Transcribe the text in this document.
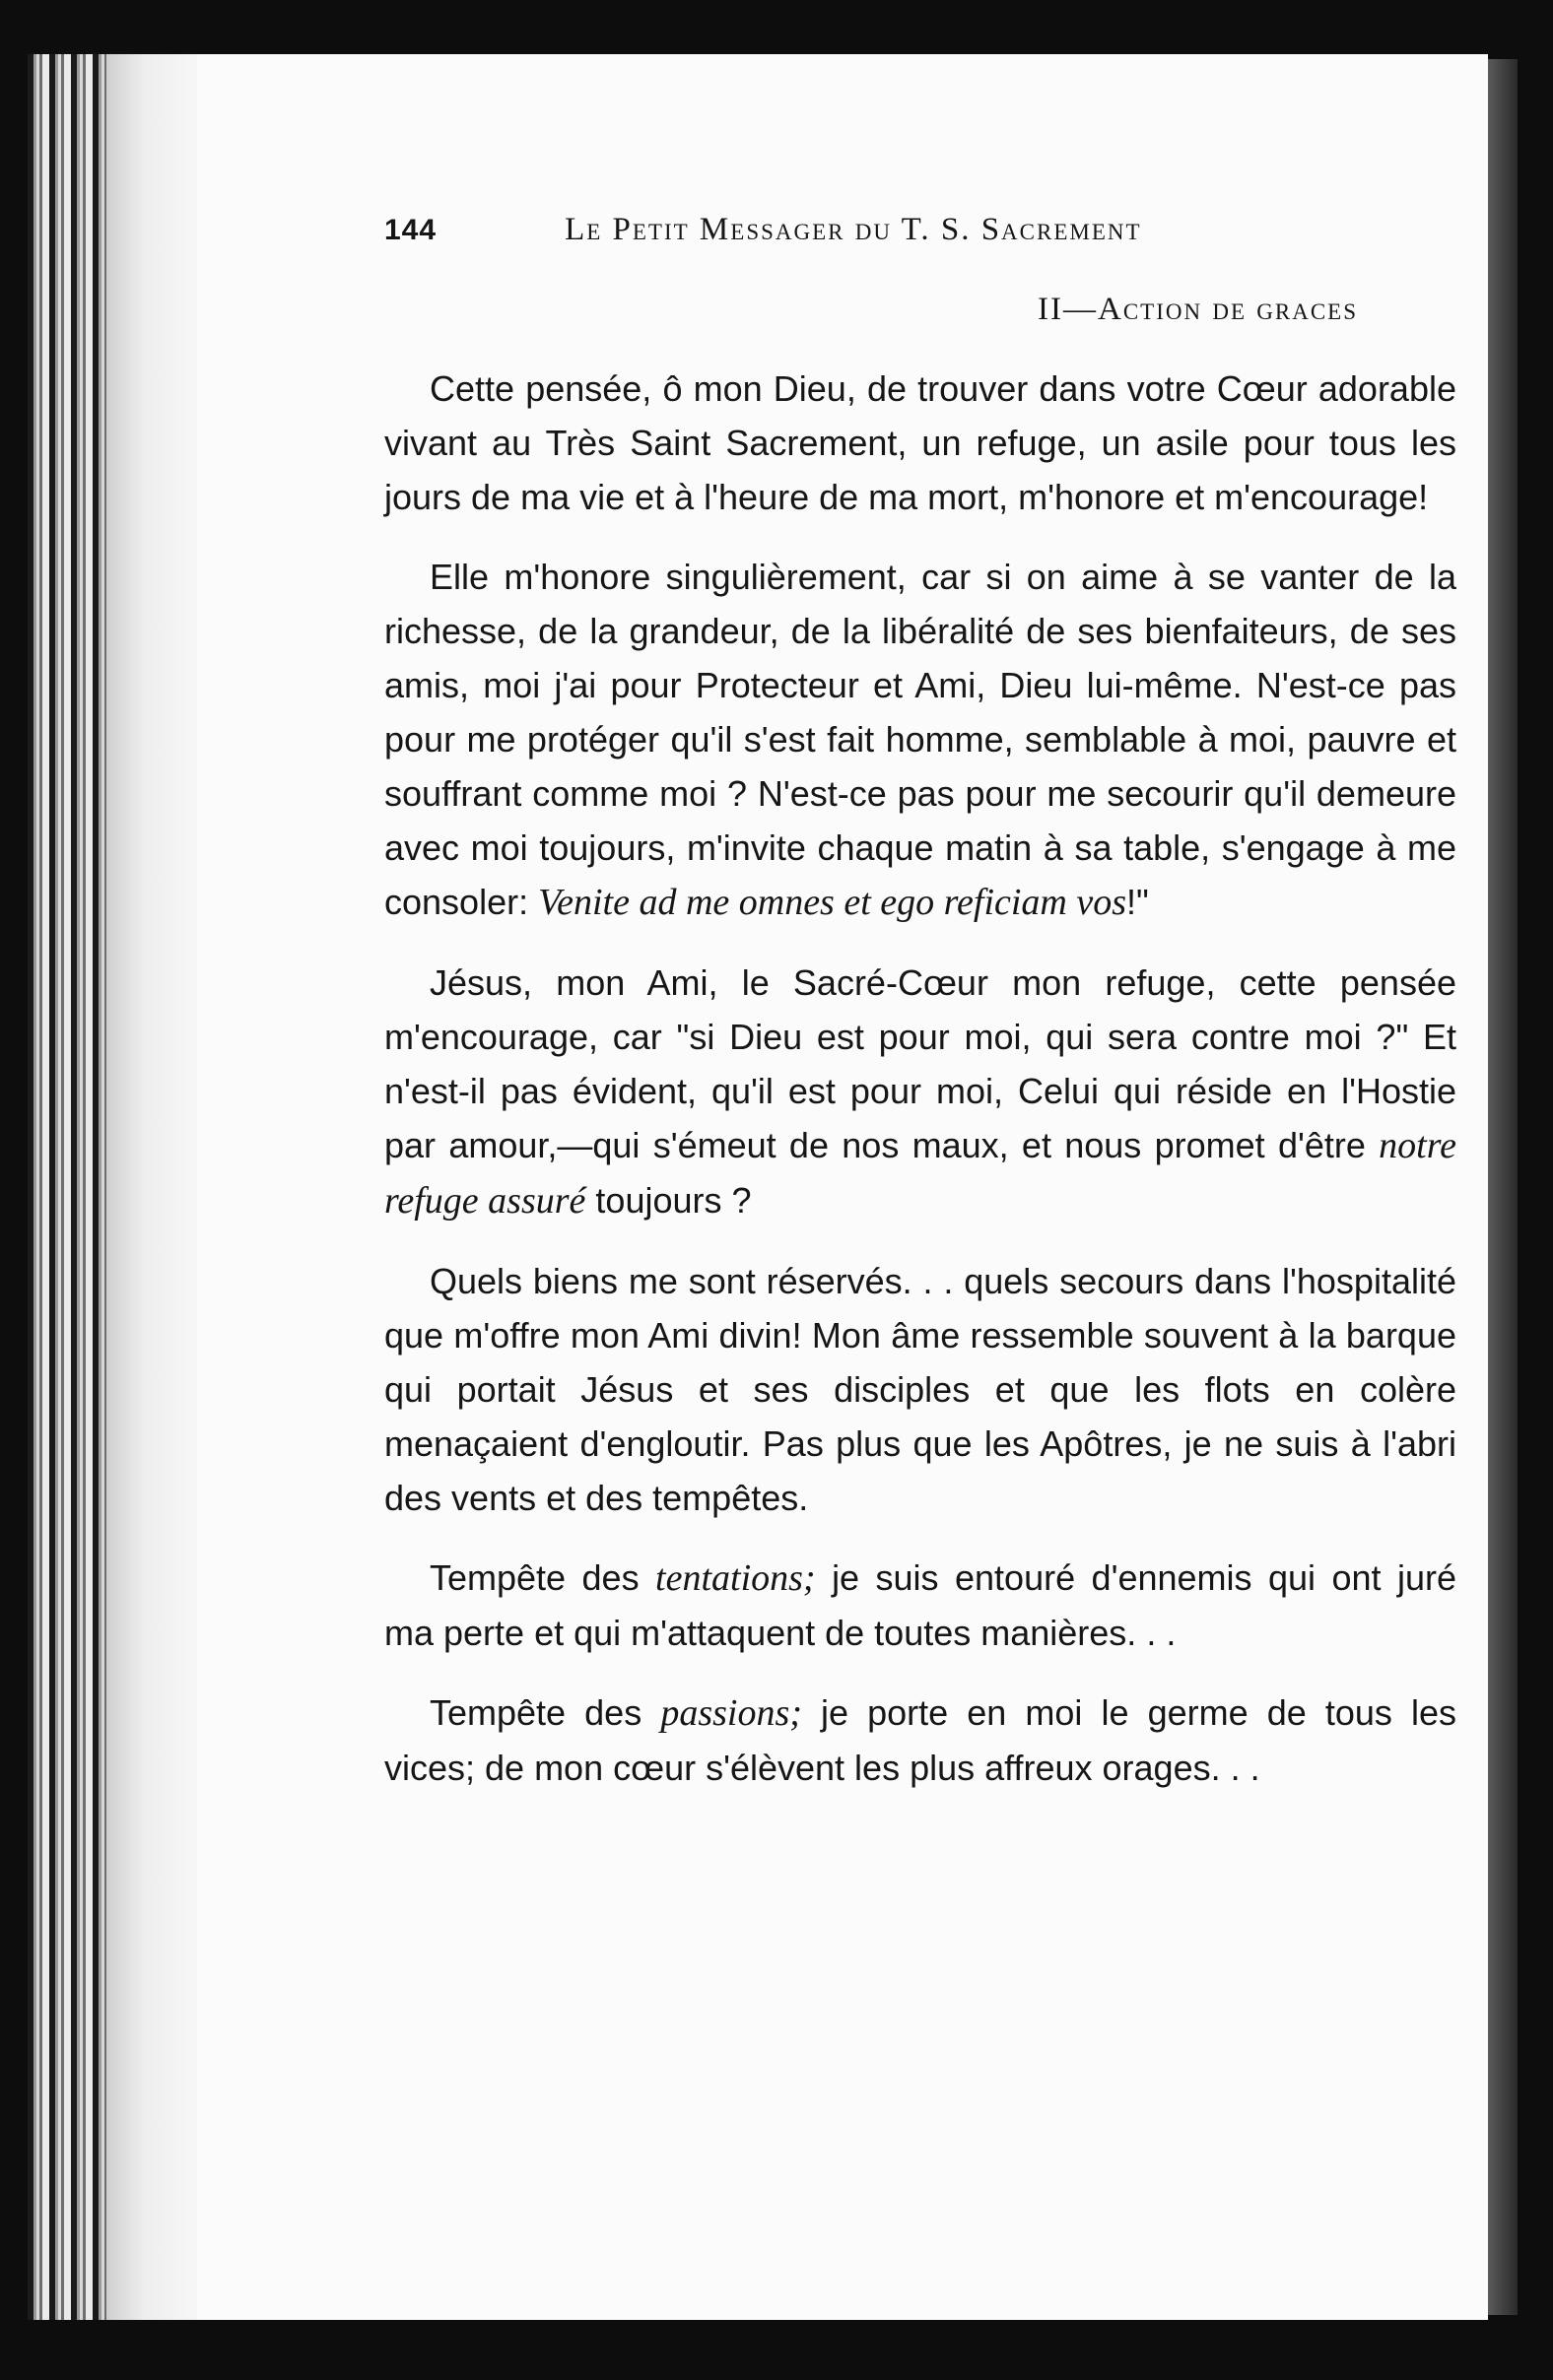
144	Le Petit Messager du T. S. Sacrement
II—Action de graces

Cette pensée, ô mon Dieu, de trouver dans votre Cœur adorable vivant au Très Saint Sacrement, un refuge, un asile pour tous les jours de ma vie et à l'heure de ma mort, m'honore et m'encourage!

Elle m'honore singulièrement, car si on aime à se vanter de la richesse, de la grandeur, de la libéralité de ses bienfaiteurs, de ses amis, moi j'ai pour Protecteur et Ami, Dieu lui-même. N'est-ce pas pour me protéger qu'il s'est fait homme, semblable à moi, pauvre et souffrant comme moi ? N'est-ce pas pour me secourir qu'il demeure avec moi toujours, m'invite chaque matin à sa table, s'engage à me consoler: Venite ad me omnes et ego reficiam vos!"

Jésus, mon Ami, le Sacré-Cœur mon refuge, cette pensée m'encourage, car "si Dieu est pour moi, qui sera contre moi ?" Et n'est-il pas évident, qu'il est pour moi, Celui qui réside en l'Hostie par amour,—qui s'émeut de nos maux, et nous promet d'être notre refuge assuré toujours ?

Quels biens me sont réservés. . . quels secours dans l'hospitalité que m'offre mon Ami divin! Mon âme ressemble souvent à la barque qui portait Jésus et ses disciples et que les flots en colère menaçaient d'engloutir. Pas plus que les Apôtres, je ne suis à l'abri des vents et des tempêtes.

Tempête des tentations; je suis entouré d'ennemis qui ont juré ma perte et qui m'attaquent de toutes manières. . .

Tempête des passions; je porte en moi le germe de tous les vices; de mon cœur s'élèvent les plus affreux orages. . .
